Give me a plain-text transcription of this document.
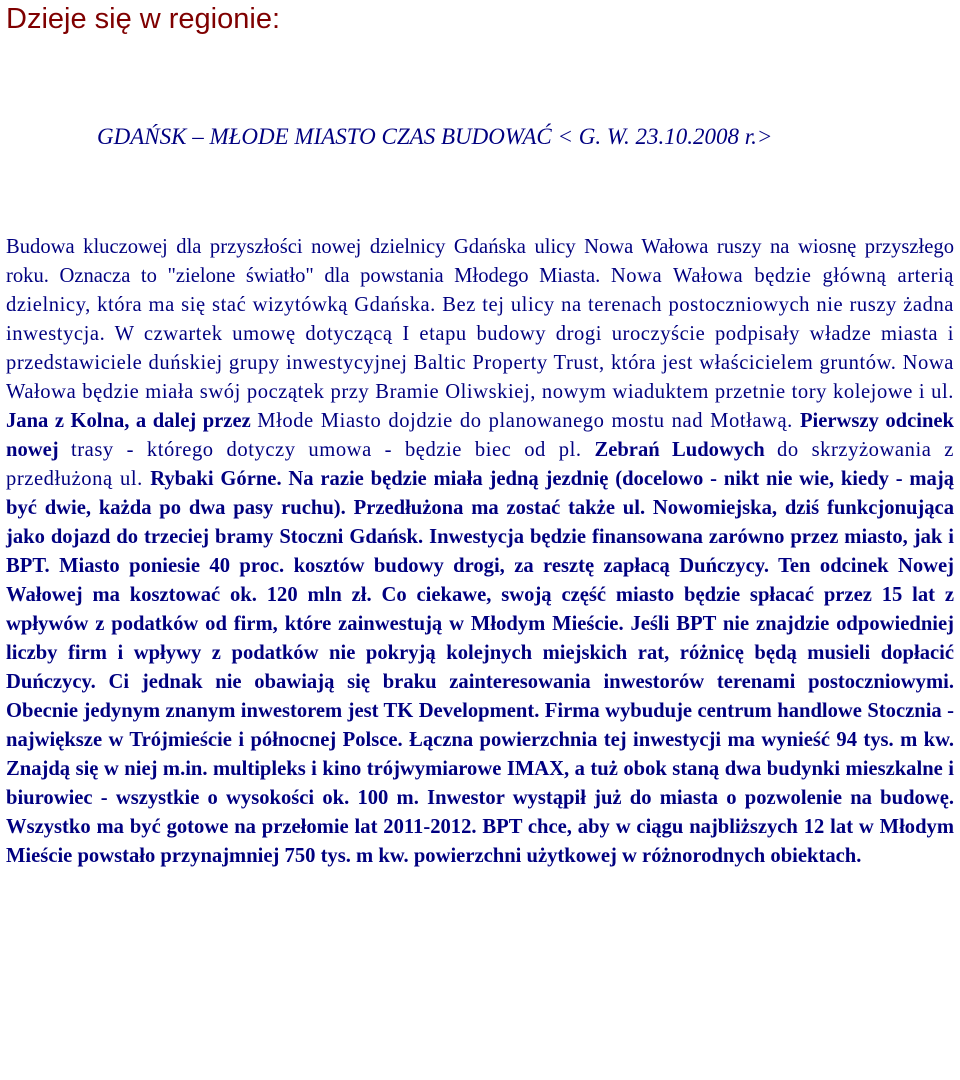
Dzieje się w regionie:
GDAŃSK – MŁODE MIASTO CZAS BUDOWAĆ < G. W. 23.10.2008 r.>

Budowa kluczowej dla przyszłości nowej dzielnicy Gdańska ulicy Nowa Wałowa ruszy na wiosnę przyszłego roku. Oznacza to "zielone światło" dla powstania Młodego Miasta. Nowa Wałowa będzie główną arterią dzielnicy, która ma się stać wizytówką Gdańska. Bez tej ulicy na terenach postoczniowych nie ruszy żadna inwestycja. W czwartek umowę dotyczącą I etapu budowy drogi uroczyście podpisały władze miasta i przedstawiciele duńskiej grupy inwestycyjnej Baltic Property Trust, która jest właścicielem gruntów. Nowa Wałowa będzie miała swój początek przy Bramie Oliwskiej, nowym wiaduktem przetnie tory kolejowe i ul. Jana z Kolna, a dalej przez Młode Miasto dojdzie do planowanego mostu nad Motławą. Pierwszy odcinek nowej trasy - którego dotyczy umowa - będzie biec od pl. Zebrań Ludowych do skrzyżowania z przedłużoną ul. Rybaki Górne. Na razie będzie miała jedną jezdnię (docelowo - nikt nie wie, kiedy - mają być dwie, każda po dwa pasy ruchu). Przedłużona ma zostać także ul. Nowomiejska, dziś funkcjonująca jako dojazd do trzeciej bramy Stoczni Gdańsk. Inwestycja będzie finansowana zarówno przez miasto, jak i BPT. Miasto poniesie 40 proc. kosztów budowy drogi, za resztę zapłacą Duńczycy. Ten odcinek Nowej Wałowej ma kosztować ok. 120 mln zł. Co ciekawe, swoją część miasto będzie spłacać przez 15 lat z wpływów z podatków od firm, które zainwestują w Młodym Mieście. Jeśli BPT nie znajdzie odpowiedniej liczby firm i wpływy z podatków nie pokryją kolejnych miejskich rat, różnicę będą musieli dopłacić Duńczycy. Ci jednak nie obawiają się braku zainteresowania inwestorów terenami postoczniowymi. Obecnie jedynym znanym inwestorem jest TK Development. Firma wybuduje centrum handlowe Stocznia - największe w Trójmieście i północnej Polsce. Łączna powierzchnia tej inwestycji ma wynieść 94 tys. m kw. Znajdą się w niej m.in. multipleks i kino trójwymiarowe IMAX, a tuż obok staną dwa budynki mieszkalne i biurowiec - wszystkie o wysokości ok. 100 m. Inwestor wystąpił już do miasta o pozwolenie na budowę. Wszystko ma być gotowe na przełomie lat 2011-2012. BPT chce, aby w ciągu najbliższych 12 lat w Młodym Mieście powstało przynajmniej 750 tys. m kw. powierzchni użytkowej w różnorodnych obiektach.
